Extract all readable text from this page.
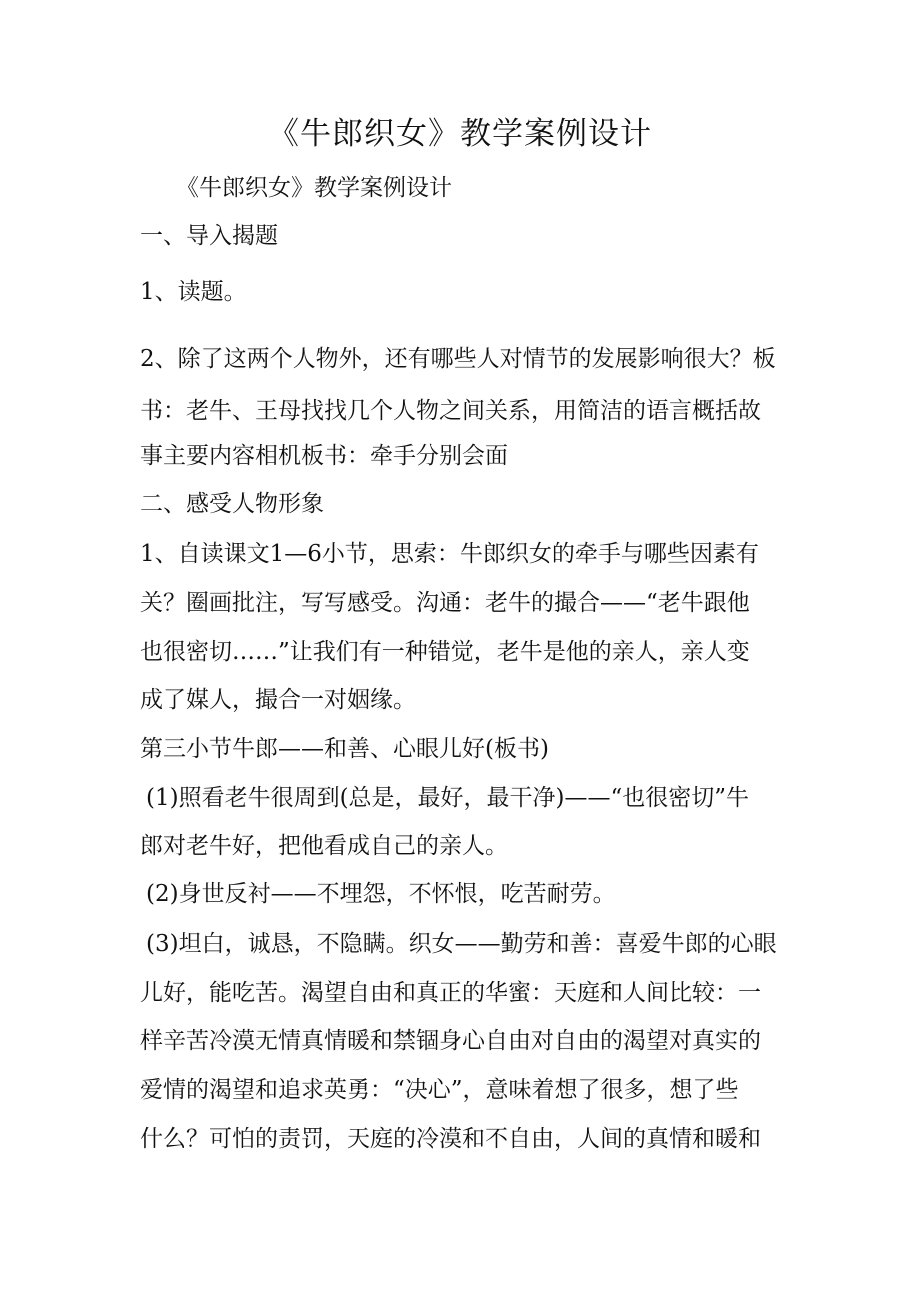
《牛郎织女》教学案例设计

《牛郎织女》教学案例设计

一、导入揭题

1、读题。

2、除了这两个人物外，还有哪些人对情节的发展影响很大？板

书：老牛、王母找找几个人物之间关系，用简洁的语言概括故

事主要内容相机板书：牵手分别会面

二、感受人物形象

1、自读课文1—6小节，思索：牛郎织女的牵手与哪些因素有

关？圈画批注，写写感受。沟通：老牛的撮合——“老牛跟他

也很密切……”让我们有一种错觉，老牛是他的亲人，亲人变

成了媒人，撮合一对姻缘。

第三小节牛郎——和善、心眼儿好(板书)

(1)照看老牛很周到(总是，最好，最干净)——“也很密切”牛

郎对老牛好，把他看成自己的亲人。

(2)身世反衬——不埋怨，不怀恨，吃苦耐劳。

(3)坦白，诚恳，不隐瞒。织女——勤劳和善：喜爱牛郎的心眼

儿好，能吃苦。渴望自由和真正的华蜜：天庭和人间比较：一

样辛苦冷漠无情真情暖和禁锢身心自由对自由的渴望对真实的

爱情的渴望和追求英勇：“决心”，意味着想了很多，想了些

什么？可怕的责罚，天庭的冷漠和不自由，人间的真情和暖和
